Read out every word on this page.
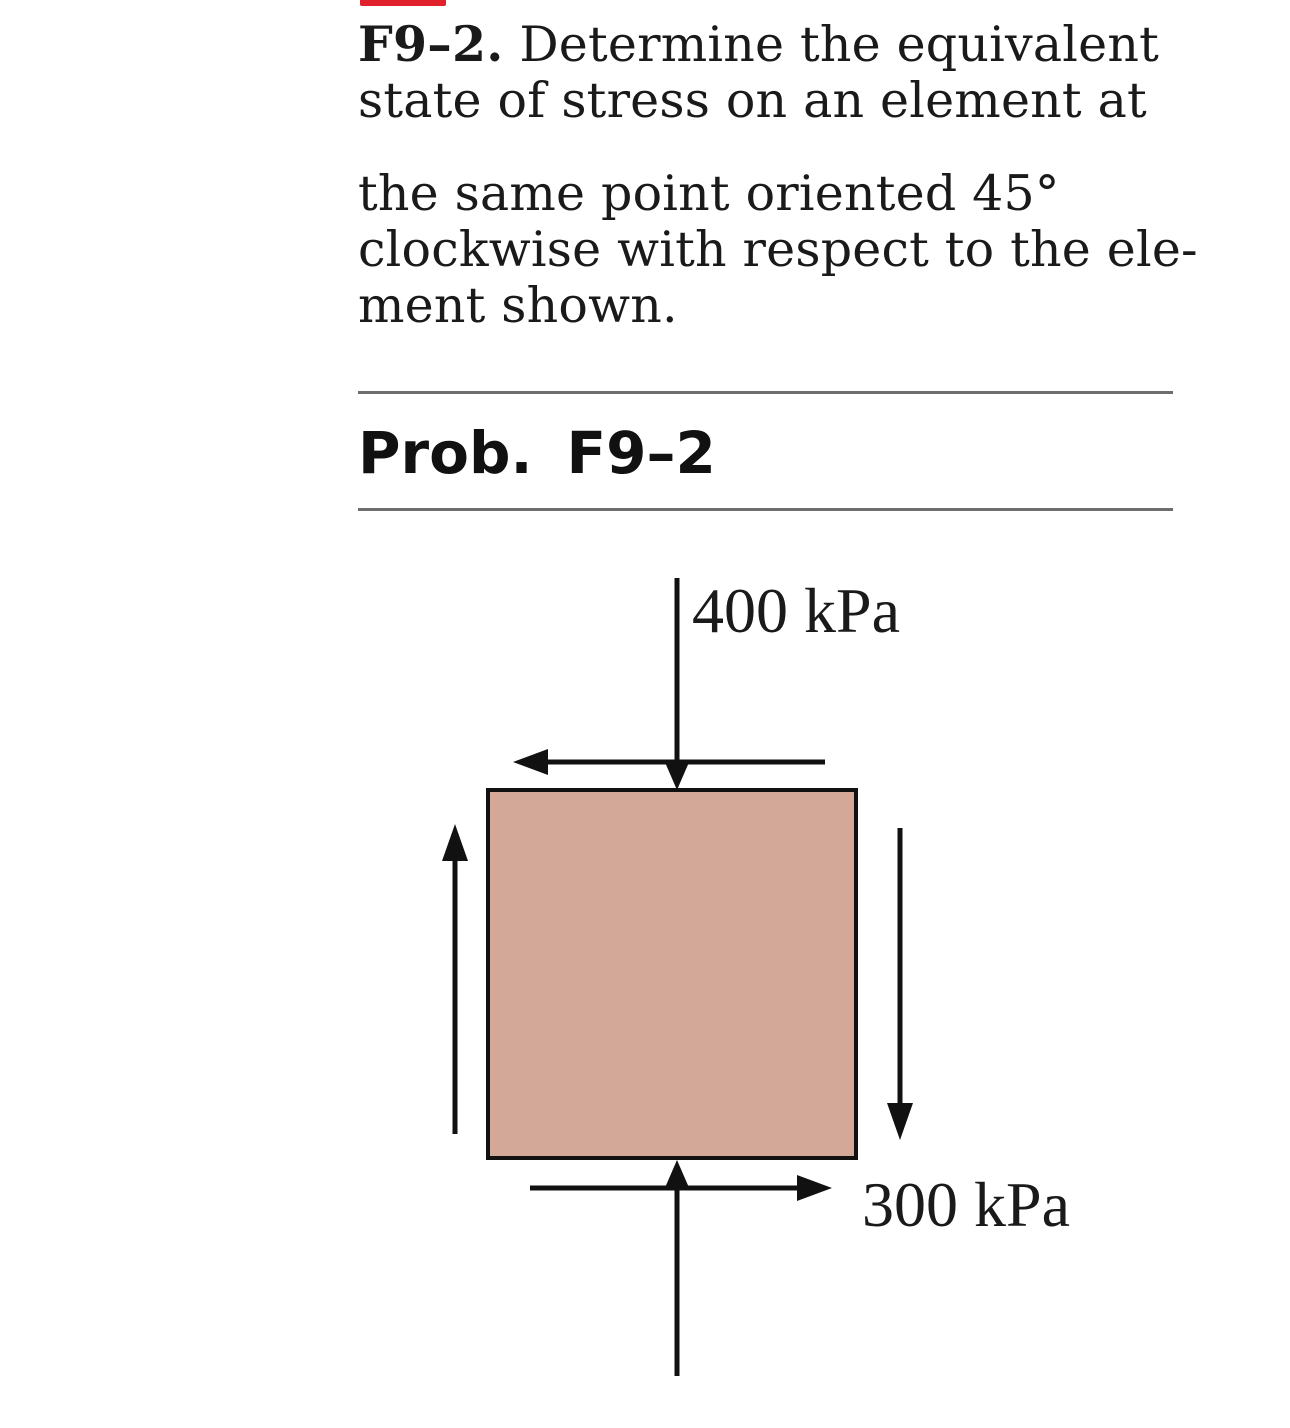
F9–2. Determine the equivalent
state of stress on an element at
the same point oriented 45°
clockwise with respect to the ele-
ment shown.
Prob. F9–2
400 kPa
300 kPa
